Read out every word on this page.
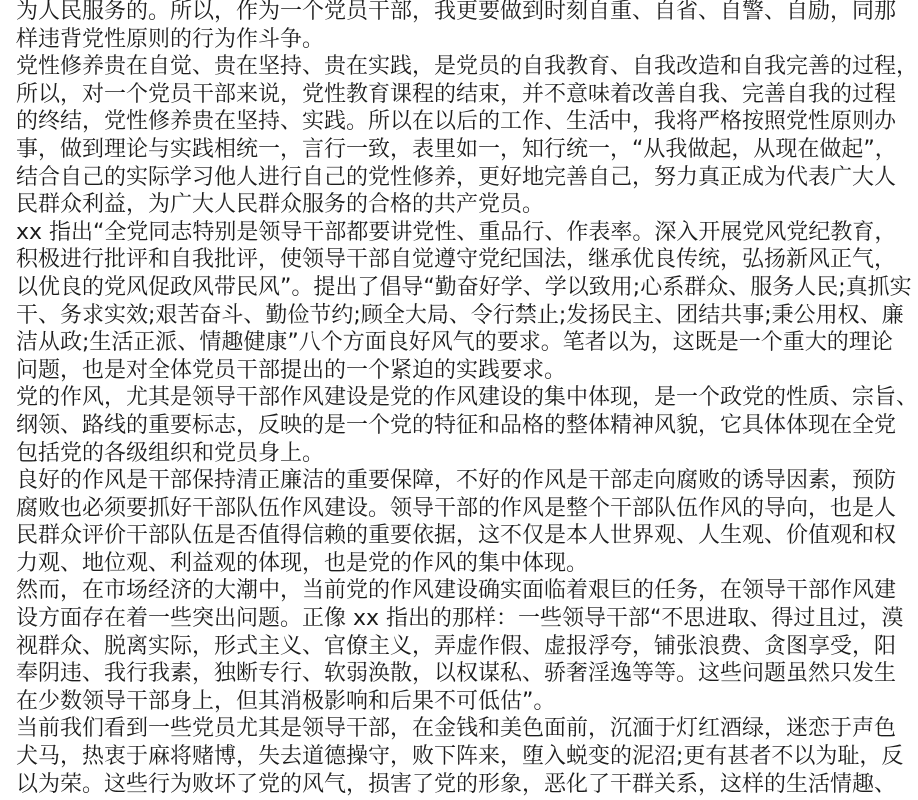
为人民服务的。所以，作为一个党员干部，我更要做到时刻自重、自省、自警、自励，同那
样违背党性原则的行为作斗争。
党性修养贵在自觉、贵在坚持、贵在实践，是党员的自我教育、自我改造和自我完善的过程，
所以，对一个党员干部来说，党性教育课程的结束，并不意味着改善自我、完善自我的过程
的终结，党性修养贵在坚持、实践。所以在以后的工作、生活中，我将严格按照党性原则办
事，做到理论与实践相统一，言行一致，表里如一，知行统一，“从我做起，从现在做起”，
结合自己的实际学习他人进行自己的党性修养，更好地完善自己，努力真正成为代表广大人
民群众利益，为广大人民群众服务的合格的共产党员。
xx 指出“全党同志特别是领导干部都要讲党性、重品行、作表率。深入开展党风党纪教育，
积极进行批评和自我批评，使领导干部自觉遵守党纪国法，继承优良传统，弘扬新风正气，
以优良的党风促政风带民风”。提出了倡导“勤奋好学、学以致用;心系群众、服务人民;真抓实
干、务求实效;艰苦奋斗、勤俭节约;顾全大局、令行禁止;发扬民主、团结共事;秉公用权、廉
洁从政;生活正派、情趣健康”八个方面良好风气的要求。笔者以为，这既是一个重大的理论
问题，也是对全体党员干部提出的一个紧迫的实践要求。
党的作风，尤其是领导干部作风建设是党的作风建设的集中体现，是一个政党的性质、宗旨、
纲领、路线的重要标志，反映的是一个党的特征和品格的整体精神风貌，它具体体现在全党
包括党的各级组织和党员身上。
良好的作风是干部保持清正廉洁的重要保障，不好的作风是干部走向腐败的诱导因素，预防
腐败也必须要抓好干部队伍作风建设。领导干部的作风是整个干部队伍作风的导向，也是人
民群众评价干部队伍是否值得信赖的重要依据，这不仅是本人世界观、人生观、价值观和权
力观、地位观、利益观的体现，也是党的作风的集中体现。
然而，在市场经济的大潮中，当前党的作风建设确实面临着艰巨的任务，在领导干部作风建
设方面存在着一些突出问题。正像 xx 指出的那样：一些领导干部“不思进取、得过且过，漠
视群众、脱离实际，形式主义、官僚主义，弄虚作假、虚报浮夸，铺张浪费、贪图享受，阳
奉阴违、我行我素，独断专行、软弱涣散，以权谋私、骄奢淫逸等等。这些问题虽然只发生
在少数领导干部身上，但其消极影响和后果不可低估”。
当前我们看到一些党员尤其是领导干部，在金钱和美色面前，沉湎于灯红酒绿，迷恋于声色
犬马，热衷于麻将赌博，失去道德操守，败下阵来，堕入蜕变的泥沼;更有甚者不以为耻，反
以为荣。这些行为败坏了党的风气，损害了党的形象，恶化了干群关系，这样的生活情趣、
